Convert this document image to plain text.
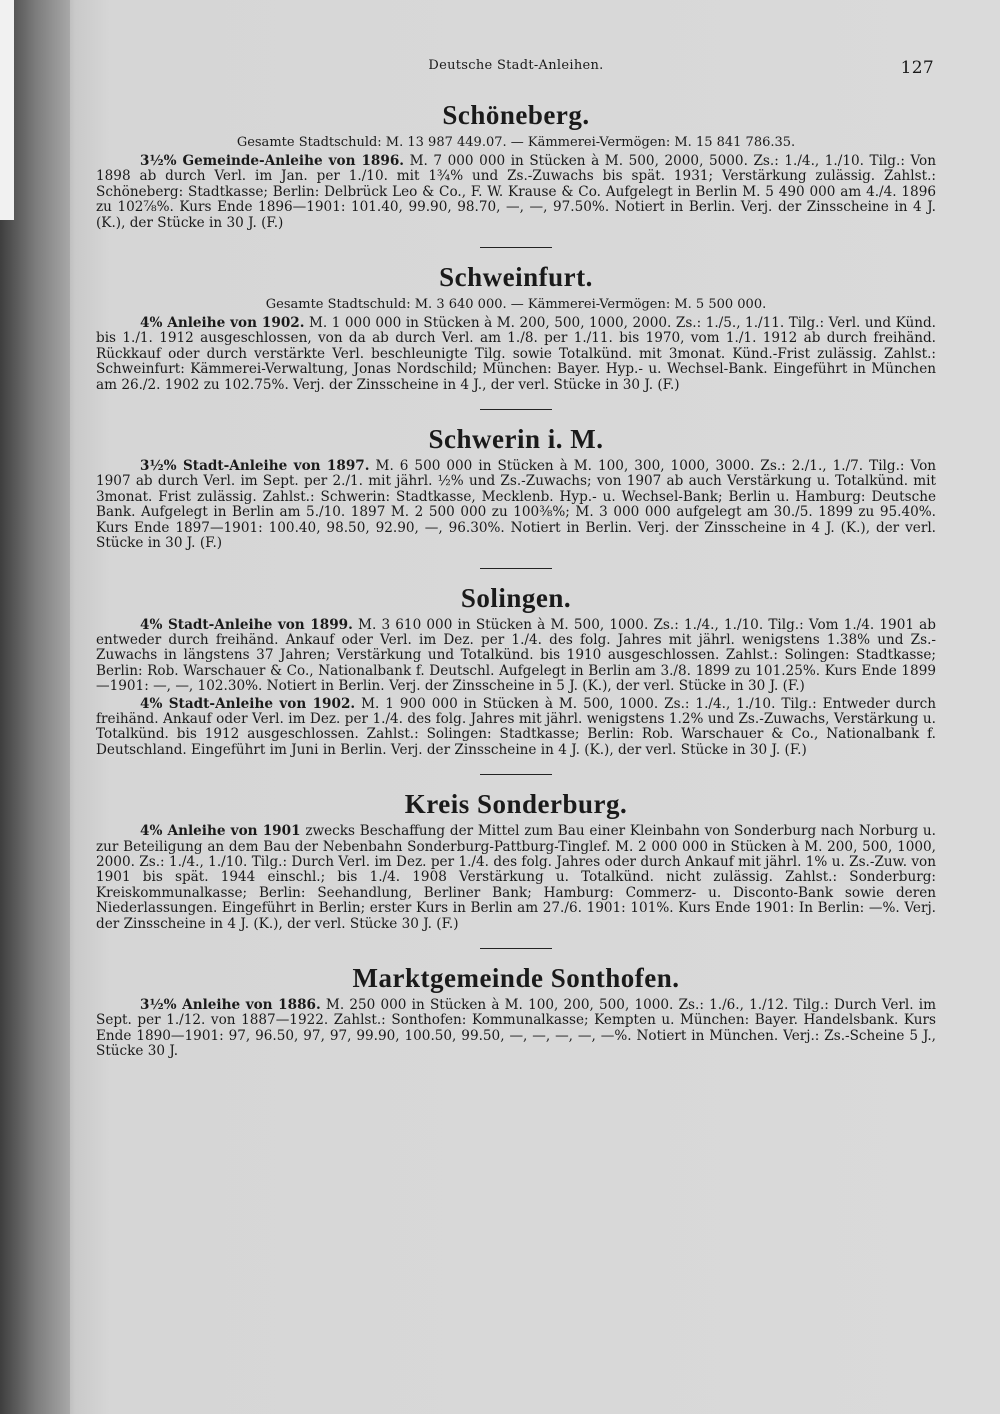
Deutsche Stadt-Anleihen.	127
Schöneberg.
Gesamte Stadtschuld: M. 13 987 449.07. — Kämmerei-Vermögen: M. 15 841 786.35.

3½% Gemeinde-Anleihe von 1896. M. 7 000 000 in Stücken à M. 500, 2000, 5000. Zs.: 1./4., 1./10. Tilg.: Von 1898 ab durch Verl. im Jan. per 1./10. mit 1¾% und Zs.-Zuwachs bis spät. 1931; Verstärkung zulässig. Zahlst.: Schöneberg: Stadtkasse; Berlin: Delbrück Leo & Co., F. W. Krause & Co. Aufgelegt in Berlin M. 5 490 000 am 4./4. 1896 zu 102⅞%. Kurs Ende 1896—1901: 101.40, 99.90, 98.70, —, —, 97.50%. Notiert in Berlin. Verj. der Zinsscheine in 4 J. (K.), der Stücke in 30 J. (F.)

Schweinfurt.
Gesamte Stadtschuld: M. 3 640 000. — Kämmerei-Vermögen: M. 5 500 000.

4% Anleihe von 1902. M. 1 000 000 in Stücken à M. 200, 500, 1000, 2000. Zs.: 1./5., 1./11. Tilg.: Verl. und Künd. bis 1./1. 1912 ausgeschlossen, von da ab durch Verl. am 1./8. per 1./11. bis 1970, vom 1./1. 1912 ab durch freihänd. Rückkauf oder durch verstärkte Verl. beschleunigte Tilg. sowie Totalkünd. mit 3monat. Künd.-Frist zulässig. Zahlst.: Schweinfurt: Kämmerei-Verwaltung, Jonas Nordschild; München: Bayer. Hyp.- u. Wechsel-Bank. Eingeführt in München am 26./2. 1902 zu 102.75%. Verj. der Zinsscheine in 4 J., der verl. Stücke in 30 J. (F.)

Schwerin i. M.

3½% Stadt-Anleihe von 1897. M. 6 500 000 in Stücken à M. 100, 300, 1000, 3000. Zs.: 2./1., 1./7. Tilg.: Von 1907 ab durch Verl. im Sept. per 2./1. mit jährl. ½% und Zs.-Zuwachs; von 1907 ab auch Verstärkung u. Totalkünd. mit 3monat. Frist zulässig. Zahlst.: Schwerin: Stadtkasse, Mecklenb. Hyp.- u. Wechsel-Bank; Berlin u. Hamburg: Deutsche Bank. Aufgelegt in Berlin am 5./10. 1897 M. 2 500 000 zu 100⅜%; M. 3 000 000 aufgelegt am 30./5. 1899 zu 95.40%. Kurs Ende 1897—1901: 100.40, 98.50, 92.90, —, 96.30%. Notiert in Berlin. Verj. der Zinsscheine in 4 J. (K.), der verl. Stücke in 30 J. (F.)

Solingen.

4% Stadt-Anleihe von 1899. M. 3 610 000 in Stücken à M. 500, 1000. Zs.: 1./4., 1./10. Tilg.: Vom 1./4. 1901 ab entweder durch freihänd. Ankauf oder Verl. im Dez. per 1./4. des folg. Jahres mit jährl. wenigstens 1.38% und Zs.-Zuwachs in längstens 37 Jahren; Verstärkung und Totalkünd. bis 1910 ausgeschlossen. Zahlst.: Solingen: Stadtkasse; Berlin: Rob. Warschauer & Co., Nationalbank f. Deutschl. Aufgelegt in Berlin am 3./8. 1899 zu 101.25%. Kurs Ende 1899—1901: —, —, 102.30%. Notiert in Berlin. Verj. der Zinsscheine in 5 J. (K.), der verl. Stücke in 30 J. (F.)

4% Stadt-Anleihe von 1902. M. 1 900 000 in Stücken à M. 500, 1000. Zs.: 1./4., 1./10. Tilg.: Entweder durch freihänd. Ankauf oder Verl. im Dez. per 1./4. des folg. Jahres mit jährl. wenigstens 1.2% und Zs.-Zuwachs, Verstärkung u. Totalkünd. bis 1912 ausgeschlossen. Zahlst.: Solingen: Stadtkasse; Berlin: Rob. Warschauer & Co., Nationalbank f. Deutschland. Eingeführt im Juni in Berlin. Verj. der Zinsscheine in 4 J. (K.), der verl. Stücke in 30 J. (F.)

Kreis Sonderburg.

4% Anleihe von 1901 zwecks Beschaffung der Mittel zum Bau einer Kleinbahn von Sonderburg nach Norburg u. zur Beteiligung an dem Bau der Nebenbahn Sonderburg-Pattburg-Tinglef. M. 2 000 000 in Stücken à M. 200, 500, 1000, 2000. Zs.: 1./4., 1./10. Tilg.: Durch Verl. im Dez. per 1./4. des folg. Jahres oder durch Ankauf mit jährl. 1% u. Zs.-Zuw. von 1901 bis spät. 1944 einschl.; bis 1./4. 1908 Verstärkung u. Totalkünd. nicht zulässig. Zahlst.: Sonderburg: Kreiskommunalkasse; Berlin: Seehandlung, Berliner Bank; Hamburg: Commerz- u. Disconto-Bank sowie deren Niederlassungen. Eingeführt in Berlin; erster Kurs in Berlin am 27./6. 1901: 101%. Kurs Ende 1901: In Berlin: —%. Verj. der Zinsscheine in 4 J. (K.), der verl. Stücke 30 J. (F.)

Marktgemeinde Sonthofen.

3½% Anleihe von 1886. M. 250 000 in Stücken à M. 100, 200, 500, 1000. Zs.: 1./6., 1./12. Tilg.: Durch Verl. im Sept. per 1./12. von 1887—1922. Zahlst.: Sonthofen: Kommunalkasse; Kempten u. München: Bayer. Handelsbank. Kurs Ende 1890—1901: 97, 96.50, 97, 97, 99.90, 100.50, 99.50, —, —, —, —, —%. Notiert in München. Verj.: Zs.-Scheine 5 J., Stücke 30 J.
